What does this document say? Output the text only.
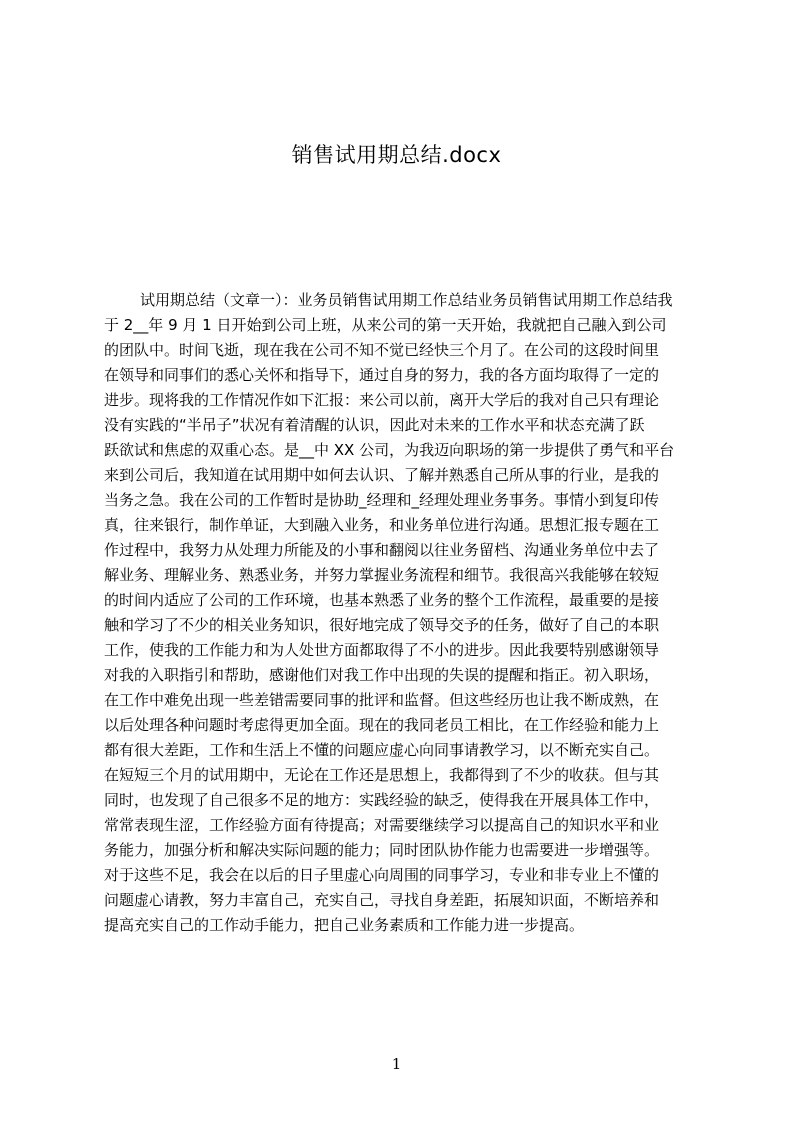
销售试用期总结.docx
试用期总结（文章一）：业务员销售试用期工作总结业务员销售试用期工作总结我
于 2__年 9 月 1 日开始到公司上班，从来公司的第一天开始，我就把自己融入到公司
的团队中。时间飞逝，现在我在公司不知不觉已经快三个月了。在公司的这段时间里
在领导和同事们的悉心关怀和指导下，通过自身的努力，我的各方面均取得了一定的
进步。现将我的工作情况作如下汇报：来公司以前，离开大学后的我对自己只有理论
没有实践的“半吊子”状况有着清醒的认识，因此对未来的工作水平和状态充满了跃
跃欲试和焦虑的双重心态。是__中 XX 公司，为我迈向职场的第一步提供了勇气和平台
来到公司后，我知道在试用期中如何去认识、了解并熟悉自己所从事的行业，是我的
当务之急。我在公司的工作暂时是协助_经理和_经理处理业务事务。事情小到复印传
真，往来银行，制作单证，大到融入业务，和业务单位进行沟通。思想汇报专题在工
作过程中，我努力从处理力所能及的小事和翻阅以往业务留档、沟通业务单位中去了
解业务、理解业务、熟悉业务，并努力掌握业务流程和细节。我很高兴我能够在较短
的时间内适应了公司的工作环境，也基本熟悉了业务的整个工作流程，最重要的是接
触和学习了不少的相关业务知识，很好地完成了领导交予的任务，做好了自己的本职
工作，使我的工作能力和为人处世方面都取得了不小的进步。因此我要特别感谢领导
对我的入职指引和帮助，感谢他们对我工作中出现的失误的提醒和指正。初入职场，
在工作中难免出现一些差错需要同事的批评和监督。但这些经历也让我不断成熟，在
以后处理各种问题时考虑得更加全面。现在的我同老员工相比，在工作经验和能力上
都有很大差距，工作和生活上不懂的问题应虚心向同事请教学习，以不断充实自己。
在短短三个月的试用期中，无论在工作还是思想上，我都得到了不少的收获。但与其
同时，也发现了自己很多不足的地方：实践经验的缺乏，使得我在开展具体工作中，
常常表现生涩，工作经验方面有待提高；对需要继续学习以提高自己的知识水平和业
务能力，加强分析和解决实际问题的能力；同时团队协作能力也需要进一步增强等。
对于这些不足，我会在以后的日子里虚心向周围的同事学习，专业和非专业上不懂的
问题虚心请教，努力丰富自己，充实自己，寻找自身差距，拓展知识面，不断培养和
提高充实自己的工作动手能力，把自己业务素质和工作能力进一步提高。
1
